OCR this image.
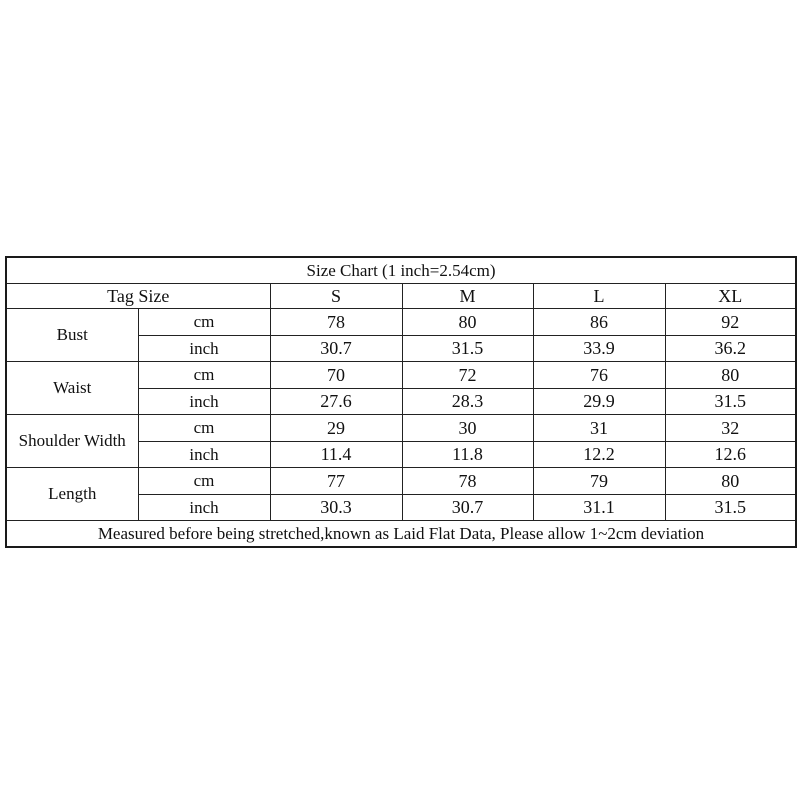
Size Chart (1 inch=2.54cm)					
Tag Size		S	M	L	XL
Bust	cm	78	80	86	92
	inch	30.7	31.5	33.9	36.2
Waist	cm	70	72	76	80
	inch	27.6	28.3	29.9	31.5
Shoulder Width	cm	29	30	31	32
	inch	11.4	11.8	12.2	12.6
Length	cm	77	78	79	80
	inch	30.3	30.7	31.1	31.5
Measured before being stretched,known as Laid Flat Data, Please allow 1~2cm deviation					
